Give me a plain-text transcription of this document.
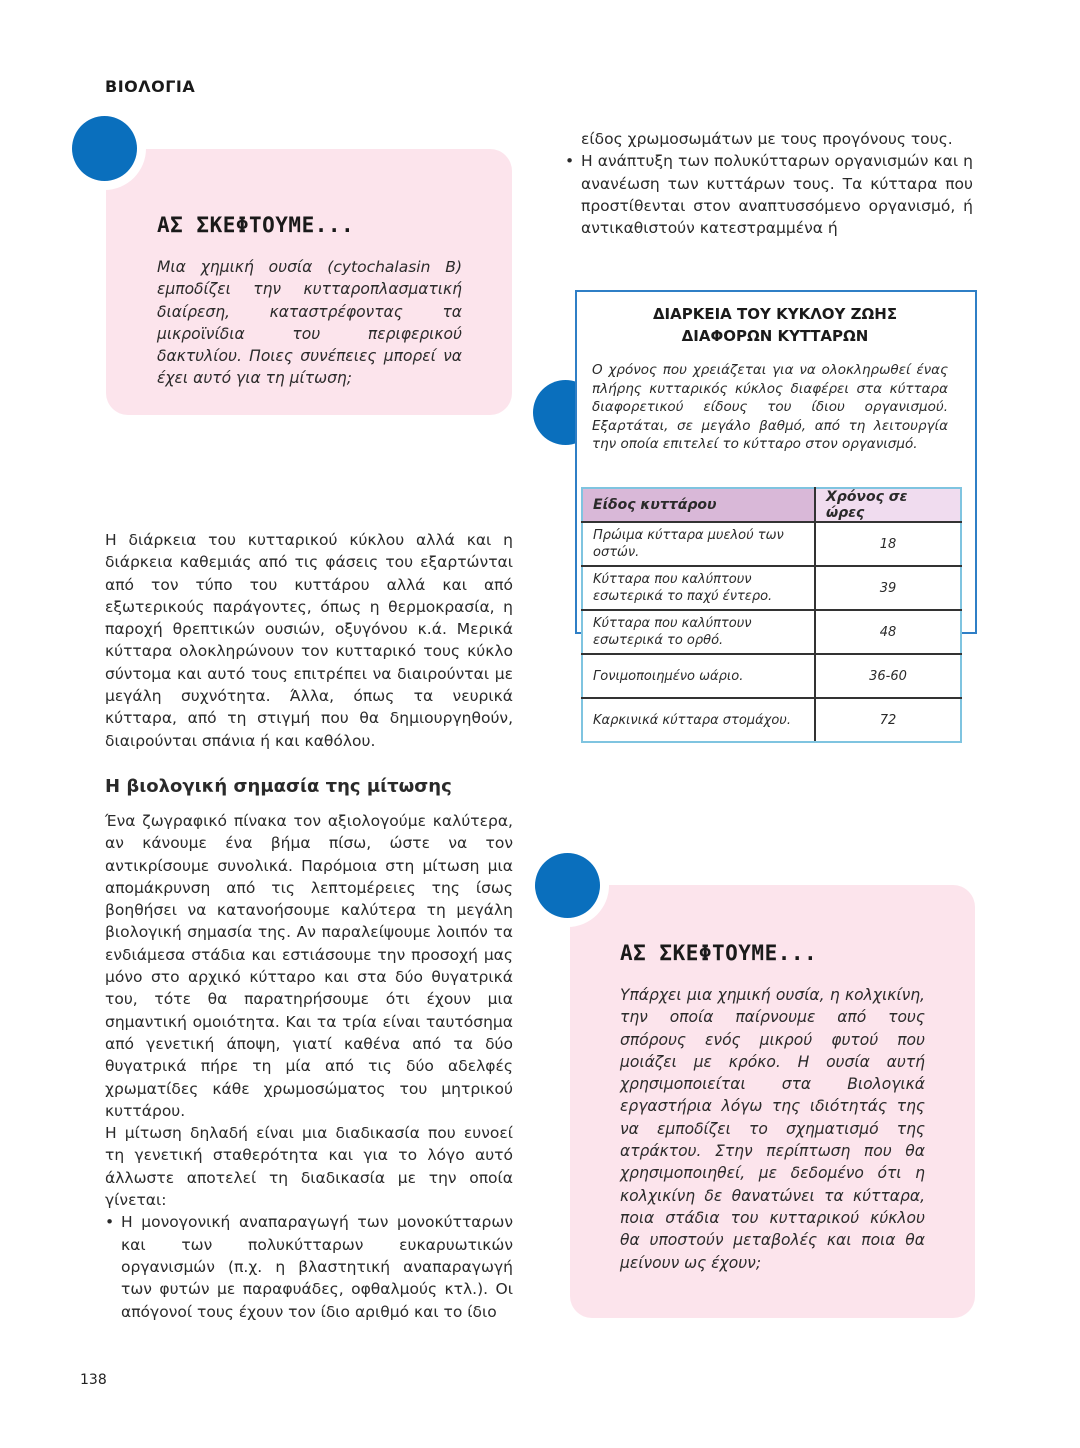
ΒΙΟΛΟΓΙΑ
ΑΣ ΣΚΕΦΤΟΥΜΕ...
Μια χημική ουσία (cytochalasin B) εμποδίζει την κυτταροπλασματική διαίρεση, καταστρέφοντας τα μικροϊνίδια του περιφερικού δακτυλίου. Ποιες συνέπειες μπορεί να έχει αυτό για τη μίτωση;

είδος χρωμοσωμάτων με τους προγόνους τους.

• Η ανάπτυξη των πολυκύτταρων οργανισμών και η ανανέωση των κυττάρων τους. Τα κύτταρα που προστίθενται στον αναπτυσσόμενο οργανισμό, ή αντικαθιστούν κατεστραμμένα ή

ΔΙΑΡΚΕΙΑ ΤΟΥ ΚΥΚΛΟΥ ΖΩΗΣ
ΔΙΑΦΟΡΩΝ ΚΥΤΤΑΡΩΝ
Ο χρόνος που χρειάζεται για να ολοκληρωθεί ένας πλήρης κυτταρικός κύκλος διαφέρει στα κύτταρα διαφορετικού είδους του ίδιου οργανισμού. Εξαρτάται, σε μεγάλο βαθμό, από τη λειτουργία την οποία επιτελεί το κύτταρο στον οργανισμό.
Είδος κυττάρου	Χρόνος σε ώρες
Πρώιμα κύτταρα μυελού των οστών.	18
Κύτταρα που καλύπτουν εσωτερικά το παχύ έντερο.	39
Κύτταρα που καλύπτουν εσωτερικά το ορθό.	48
Γονιμοποιημένο ωάριο.	36-60
Καρκινικά κύτταρα στομάχου.	72
Η διάρκεια του κυτταρικού κύκλου αλλά και η διάρκεια καθεμιάς από τις φάσεις του εξαρτώνται από τον τύπο του κυττάρου αλλά και από εξωτερικούς παράγοντες, όπως η θερμοκρασία, η παροχή θρεπτικών ουσιών, οξυγόνου κ.ά. Μερικά κύτταρα ολοκληρώνουν τον κυτταρικό τους κύκλο σύντομα και αυτό τους επιτρέπει να διαιρούνται με μεγάλη συχνότητα. Άλλα, όπως τα νευρικά κύτταρα, από τη στιγμή που θα δημιουργηθούν, διαιρούνται σπάνια ή και καθόλου.
Η βιολογική σημασία της μίτωσης

Ένα ζωγραφικό πίνακα τον αξιολογούμε καλύτερα, αν κάνουμε ένα βήμα πίσω, ώστε να τον αντικρίσουμε συνολικά. Παρόμοια στη μίτωση μια απομάκρυνση από τις λεπτομέρειες της ίσως βοηθήσει να κατανοήσουμε καλύτερα τη μεγάλη βιολογική σημασία της. Αν παραλείψουμε λοιπόν τα ενδιάμεσα στάδια και εστιάσουμε την προσοχή μας μόνο στο αρχικό κύτταρο και στα δύο θυγατρικά του, τότε θα παρατηρήσουμε ότι έχουν μια σημαντική ομοιότητα. Και τα τρία είναι ταυτόσημα από γενετική άποψη, γιατί καθένα από τα δύο θυγατρικά πήρε τη μία από τις δύο αδελφές χρωματίδες κάθε χρωμοσώματος του μητρικού κυττάρου.

Η μίτωση δηλαδή είναι μια διαδικασία που ευνοεί τη γενετική σταθερότητα και για το λόγο αυτό άλλωστε αποτελεί τη διαδικασία με την οποία γίνεται:

• Η μονογονική αναπαραγωγή των μονοκύτταρων και των πολυκύτταρων ευκαρυωτικών οργανισμών (π.χ. η βλαστητική αναπαραγωγή των φυτών με παραφυάδες, οφθαλμούς κτλ.). Οι απόγονοί τους έχουν τον ίδιο αριθμό και το ίδιο

ΑΣ ΣΚΕΦΤΟΥΜΕ...
Υπάρχει μια χημική ουσία, η κολχικίνη, την οποία παίρνουμε από τους σπόρους ενός μικρού φυτού που μοιάζει με κρόκο. Η ουσία αυτή χρησιμοποιείται στα Βιολογικά εργαστήρια λόγω της ιδιότητάς της να εμποδίζει το σχηματισμό της ατράκτου. Στην περίπτωση που θα χρησιμοποιηθεί, με δεδομένο ότι η κολχικίνη δε θανατώνει τα κύτταρα, ποια στάδια του κυτταρικού κύκλου θα υποστούν μεταβολές και ποια θα μείνουν ως έχουν;
138
